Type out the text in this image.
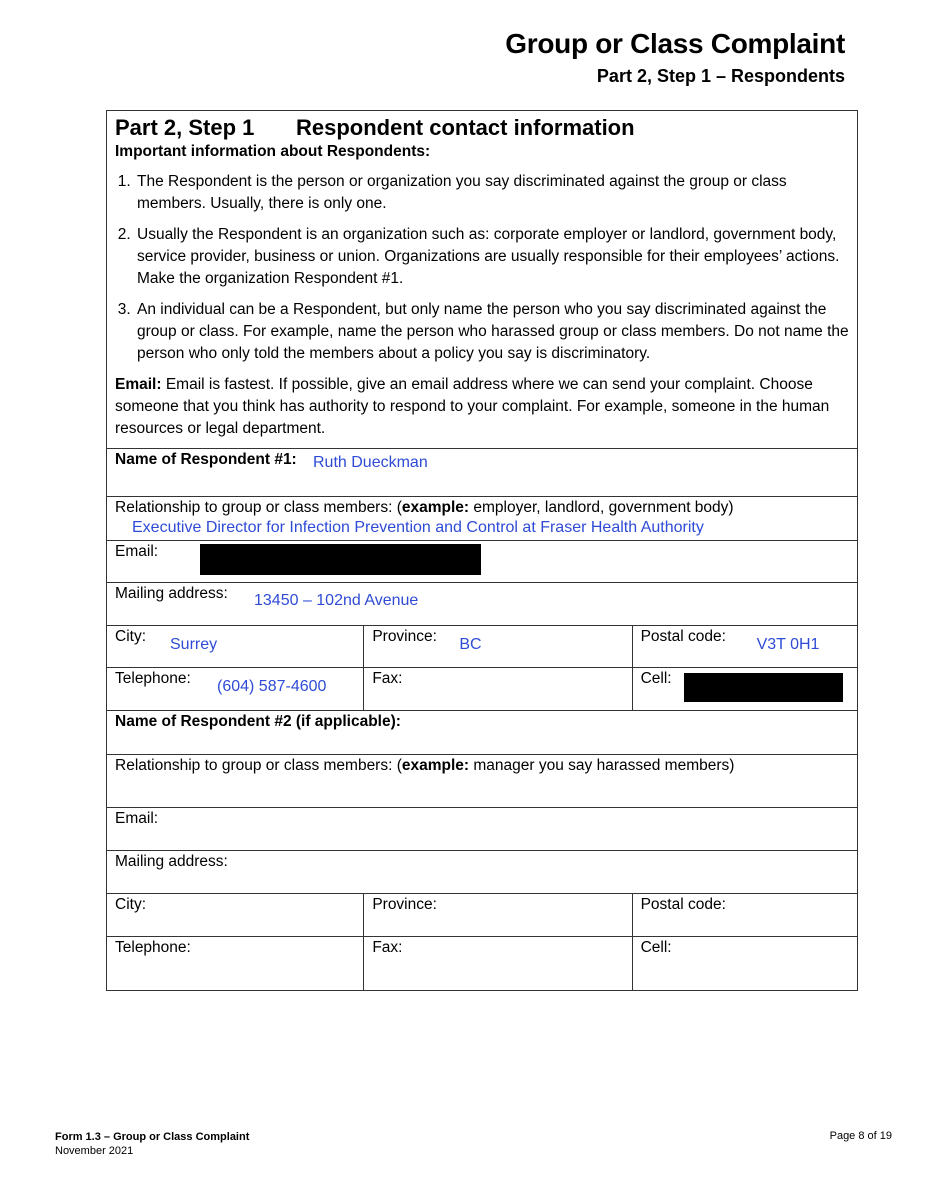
Group or Class Complaint
Part 2, Step 1 – Respondents
Part 2, Step 1 Respondent contact information
Important information about Respondents:
1. The Respondent is the person or organization you say discriminated against the group or class members. Usually, there is only one.
2. Usually the Respondent is an organization such as: corporate employer or landlord, government body, service provider, business or union. Organizations are usually responsible for their employees’ actions. Make the organization Respondent #1.
3. An individual can be a Respondent, but only name the person who you say discriminated against the group or class. For example, name the person who harassed group or class members. Do not name the person who only told the members about a policy you say is discriminatory.
Email: Email is fastest. If possible, give an email address where we can send your complaint. Choose someone that you think has authority to respond to your complaint. For example, someone in the human resources or legal department.
Name of Respondent #1: Ruth Dueckman
Relationship to group or class members: (example: employer, landlord, government body)
Executive Director for Infection Prevention and Control at Fraser Health Authority
Email:
Mailing address: 13450 – 102nd Avenue
City: Surrey	Province: BC	Postal code: V3T 0H1
Telephone: (604) 587-4600	Fax:	Cell:
Name of Respondent #2 (if applicable):
Relationship to group or class members: (example: manager you say harassed members)
Email:
Mailing address:
City:	Province:	Postal code:
Telephone:	Fax:	Cell:
Form 1.3 – Group or Class Complaint
November 2021
Page 8 of 19
